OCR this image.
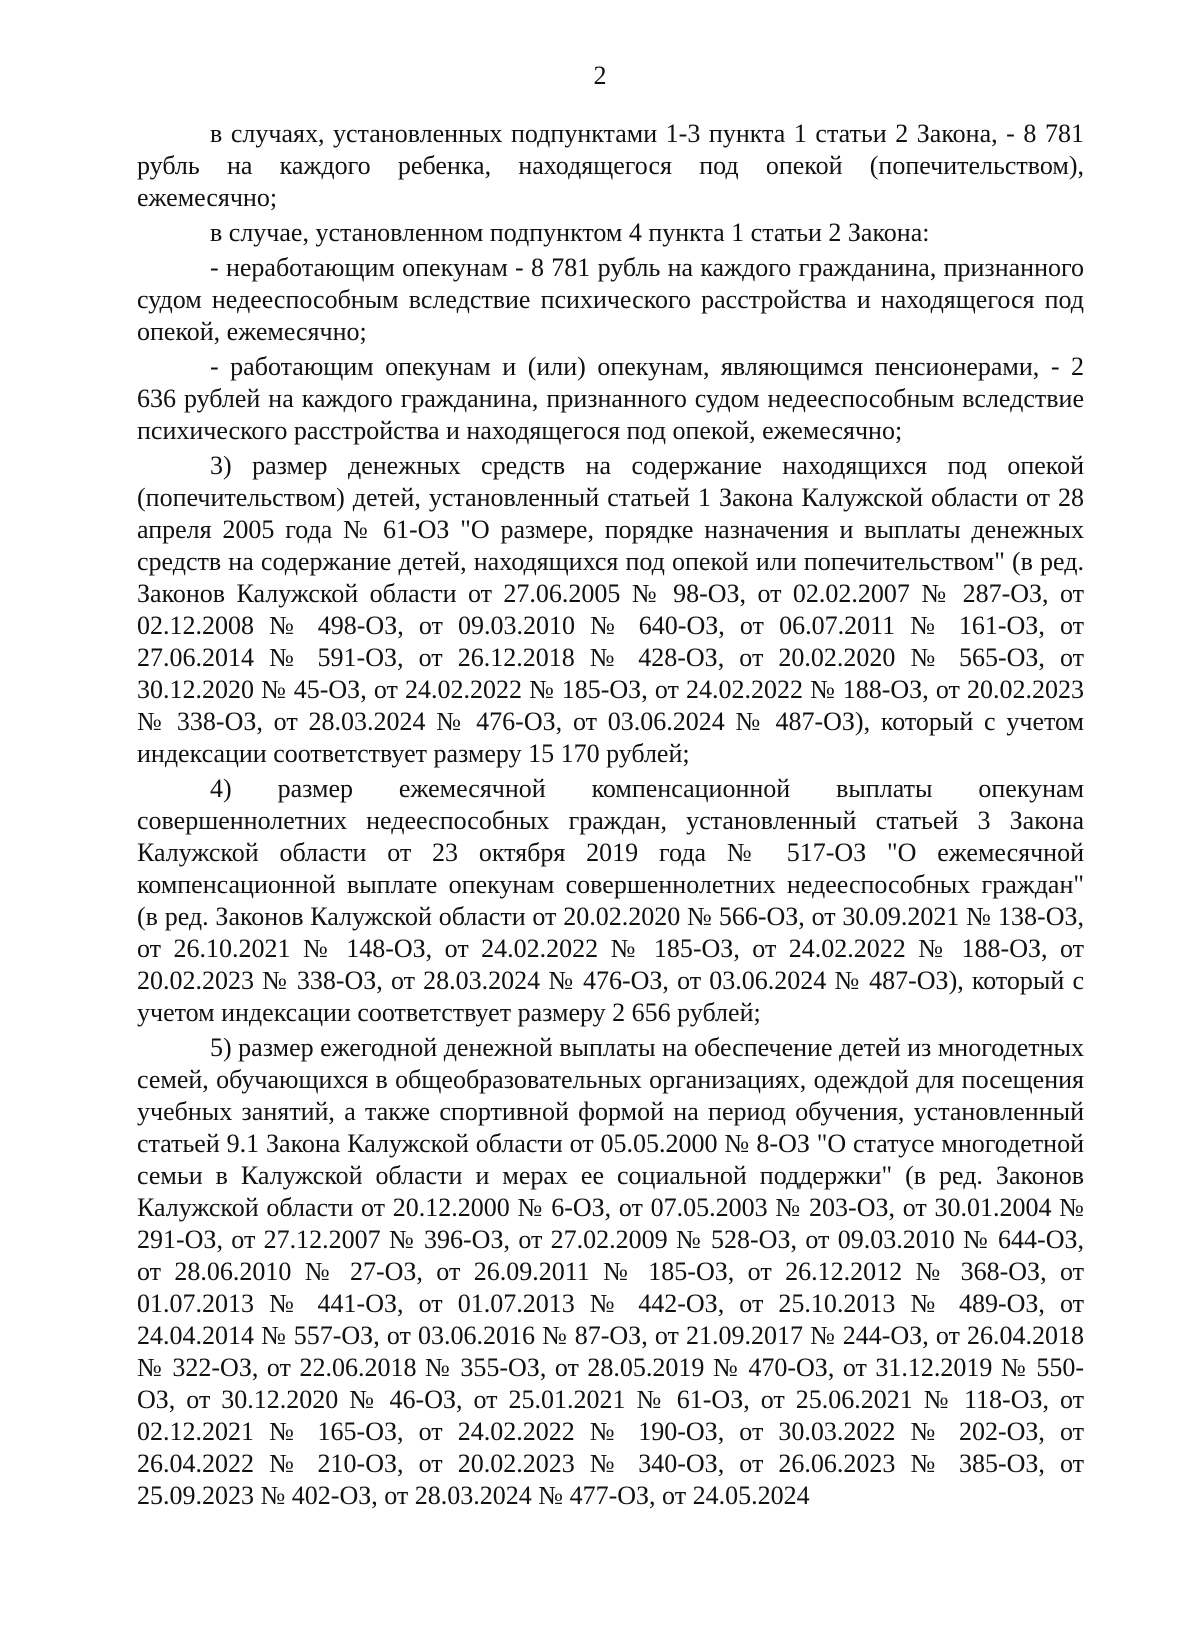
2

в случаях, установленных подпунктами 1-3 пункта 1 статьи 2 Закона, - 8 781 рубль на каждого ребенка, находящегося под опекой (попечительством), ежемесячно;

в случае, установленном подпунктом 4 пункта 1 статьи 2 Закона:

- неработающим опекунам - 8 781 рубль на каждого гражданина, признанного судом недееспособным вследствие психического расстройства и находящегося под опекой, ежемесячно;

- работающим опекунам и (или) опекунам, являющимся пенсионерами, - 2 636 рублей на каждого гражданина, признанного судом недееспособным вследствие психического расстройства и находящегося под опекой, ежемесячно;

3) размер денежных средств на содержание находящихся под опекой (попечительством) детей, установленный статьей 1 Закона Калужской области от 28 апреля 2005 года № 61-ОЗ "О размере, порядке назначения и выплаты денежных средств на содержание детей, находящихся под опекой или попечительством" (в ред. Законов Калужской области от 27.06.2005 № 98-ОЗ, от 02.02.2007 № 287-ОЗ, от 02.12.2008 № 498-ОЗ, от 09.03.2010 № 640-ОЗ, от 06.07.2011 № 161-ОЗ, от 27.06.2014 № 591-ОЗ, от 26.12.2018 № 428-ОЗ, от 20.02.2020 № 565-ОЗ, от 30.12.2020 № 45-ОЗ, от 24.02.2022 № 185-ОЗ, от 24.02.2022 № 188-ОЗ, от 20.02.2023 № 338-ОЗ, от 28.03.2024 № 476-ОЗ, от 03.06.2024 № 487-ОЗ), который с учетом индексации соответствует размеру 15 170 рублей;

4) размер ежемесячной компенсационной выплаты опекунам совершеннолетних недееспособных граждан, установленный статьей 3 Закона Калужской области от 23 октября 2019 года № 517-ОЗ "О ежемесячной компенсационной выплате опекунам совершеннолетних недееспособных граждан" (в ред. Законов Калужской области от 20.02.2020 № 566-ОЗ, от 30.09.2021 № 138-ОЗ, от 26.10.2021 № 148-ОЗ, от 24.02.2022 № 185-ОЗ, от 24.02.2022 № 188-ОЗ, от 20.02.2023 № 338-ОЗ, от 28.03.2024 № 476-ОЗ, от 03.06.2024 № 487-ОЗ), который с учетом индексации соответствует размеру 2 656 рублей;

5) размер ежегодной денежной выплаты на обеспечение детей из многодетных семей, обучающихся в общеобразовательных организациях, одеждой для посещения учебных занятий, а также спортивной формой на период обучения, установленный статьей 9.1 Закона Калужской области от 05.05.2000 № 8-ОЗ "О статусе многодетной семьи в Калужской области и мерах ее социальной поддержки" (в ред. Законов Калужской области от 20.12.2000 № 6-ОЗ, от 07.05.2003 № 203-ОЗ, от 30.01.2004 № 291-ОЗ, от 27.12.2007 № 396-ОЗ, от 27.02.2009 № 528-ОЗ, от 09.03.2010 № 644-ОЗ, от 28.06.2010 № 27-ОЗ, от 26.09.2011 № 185-ОЗ, от 26.12.2012 № 368-ОЗ, от 01.07.2013 № 441-ОЗ, от 01.07.2013 № 442-ОЗ, от 25.10.2013 № 489-ОЗ, от 24.04.2014 № 557-ОЗ, от 03.06.2016 № 87-ОЗ, от 21.09.2017 № 244-ОЗ, от 26.04.2018 № 322-ОЗ, от 22.06.2018 № 355-ОЗ, от 28.05.2019 № 470-ОЗ, от 31.12.2019 № 550-ОЗ, от 30.12.2020 № 46-ОЗ, от 25.01.2021 № 61-ОЗ, от 25.06.2021 № 118-ОЗ, от 02.12.2021 № 165-ОЗ, от 24.02.2022 № 190-ОЗ, от 30.03.2022 № 202-ОЗ, от 26.04.2022 № 210-ОЗ, от 20.02.2023 № 340-ОЗ, от 26.06.2023 № 385-ОЗ, от 25.09.2023 № 402-ОЗ, от 28.03.2024 № 477-ОЗ, от 24.05.2024
